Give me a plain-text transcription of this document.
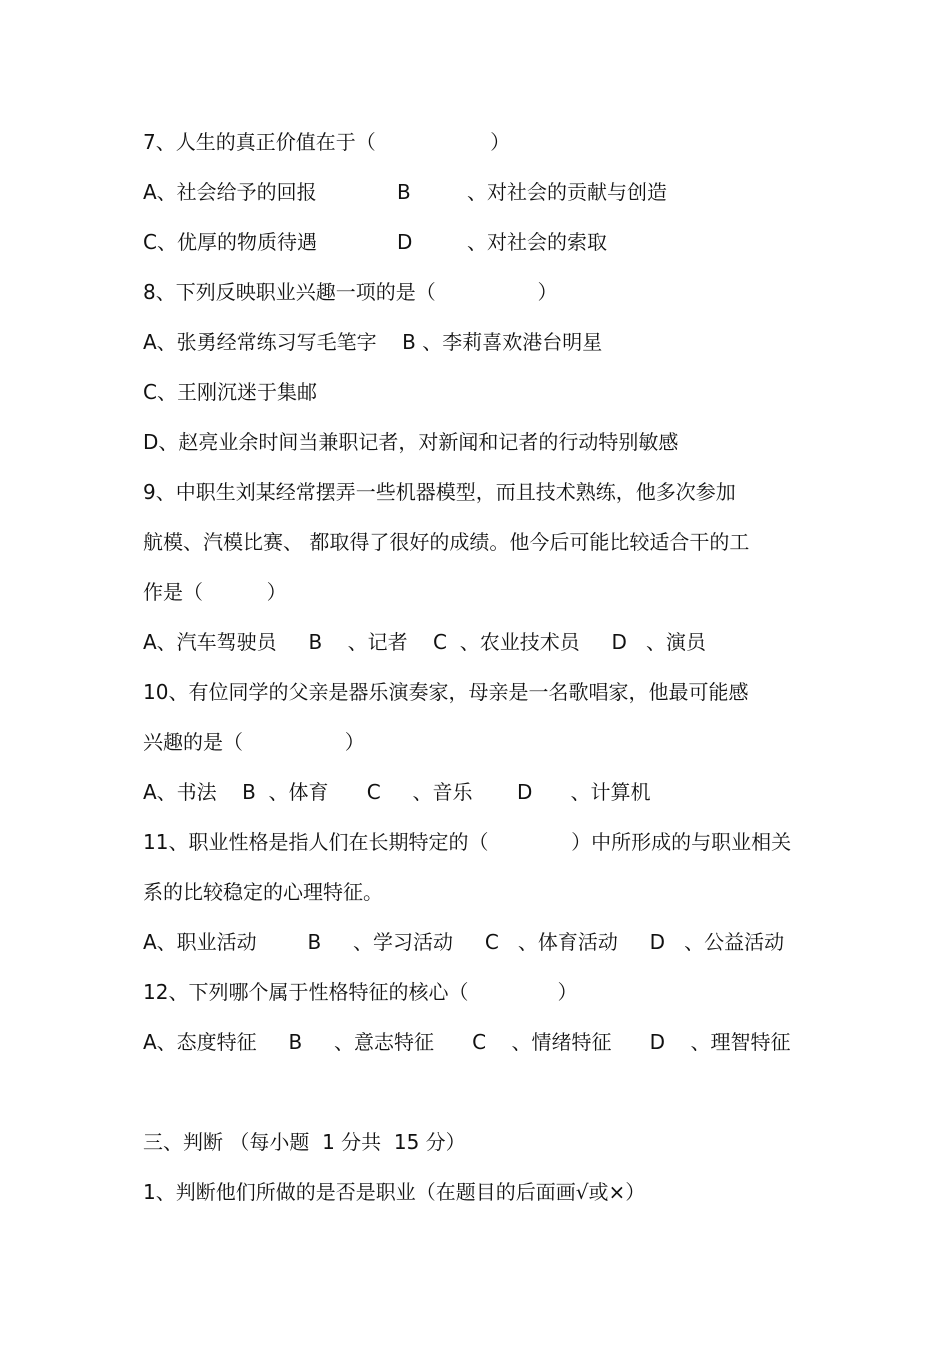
7、人生的真正价值在于（                  ）

A、社会给予的回报

	B

	、对社会的贡献与创造

C、优厚的物质待遇

	D

	、对社会的索取

8、下列反映职业兴趣一项的是（                ）
A、张勇经常练习写毛笔字    B 、李莉喜欢港台明星
C、王刚沉迷于集邮
D、赵亮业余时间当兼职记者，对新闻和记者的行动特别敏感
9、中职生刘某经常摆弄一些机器模型，而且技术熟练，他多次参加
航模、汽模比赛、 都取得了很好的成绩。他今后可能比较适合干的工
作是（          ）
A、汽车驾驶员     B    、记者    C  、农业技术员     D   、演员
10、有位同学的父亲是器乐演奏家，母亲是一名歌唱家，他最可能感
兴趣的是（                ）
A、书法    B  、体育      C     、音乐       D      、计算机
11、职业性格是指人们在长期特定的（             ）中所形成的与职业相关
系的比较稳定的心理特征。
A、职业活动        B     、学习活动     C   、体育活动     D   、公益活动
12、下列哪个属于性格特征的核心（              ）
A、态度特征     B     、意志特征      C    、情绪特征      D    、理智特征
三、判断 （每小题  1 分共  15 分）
1、判断他们所做的是否是职业（在题目的后面画√或×）
